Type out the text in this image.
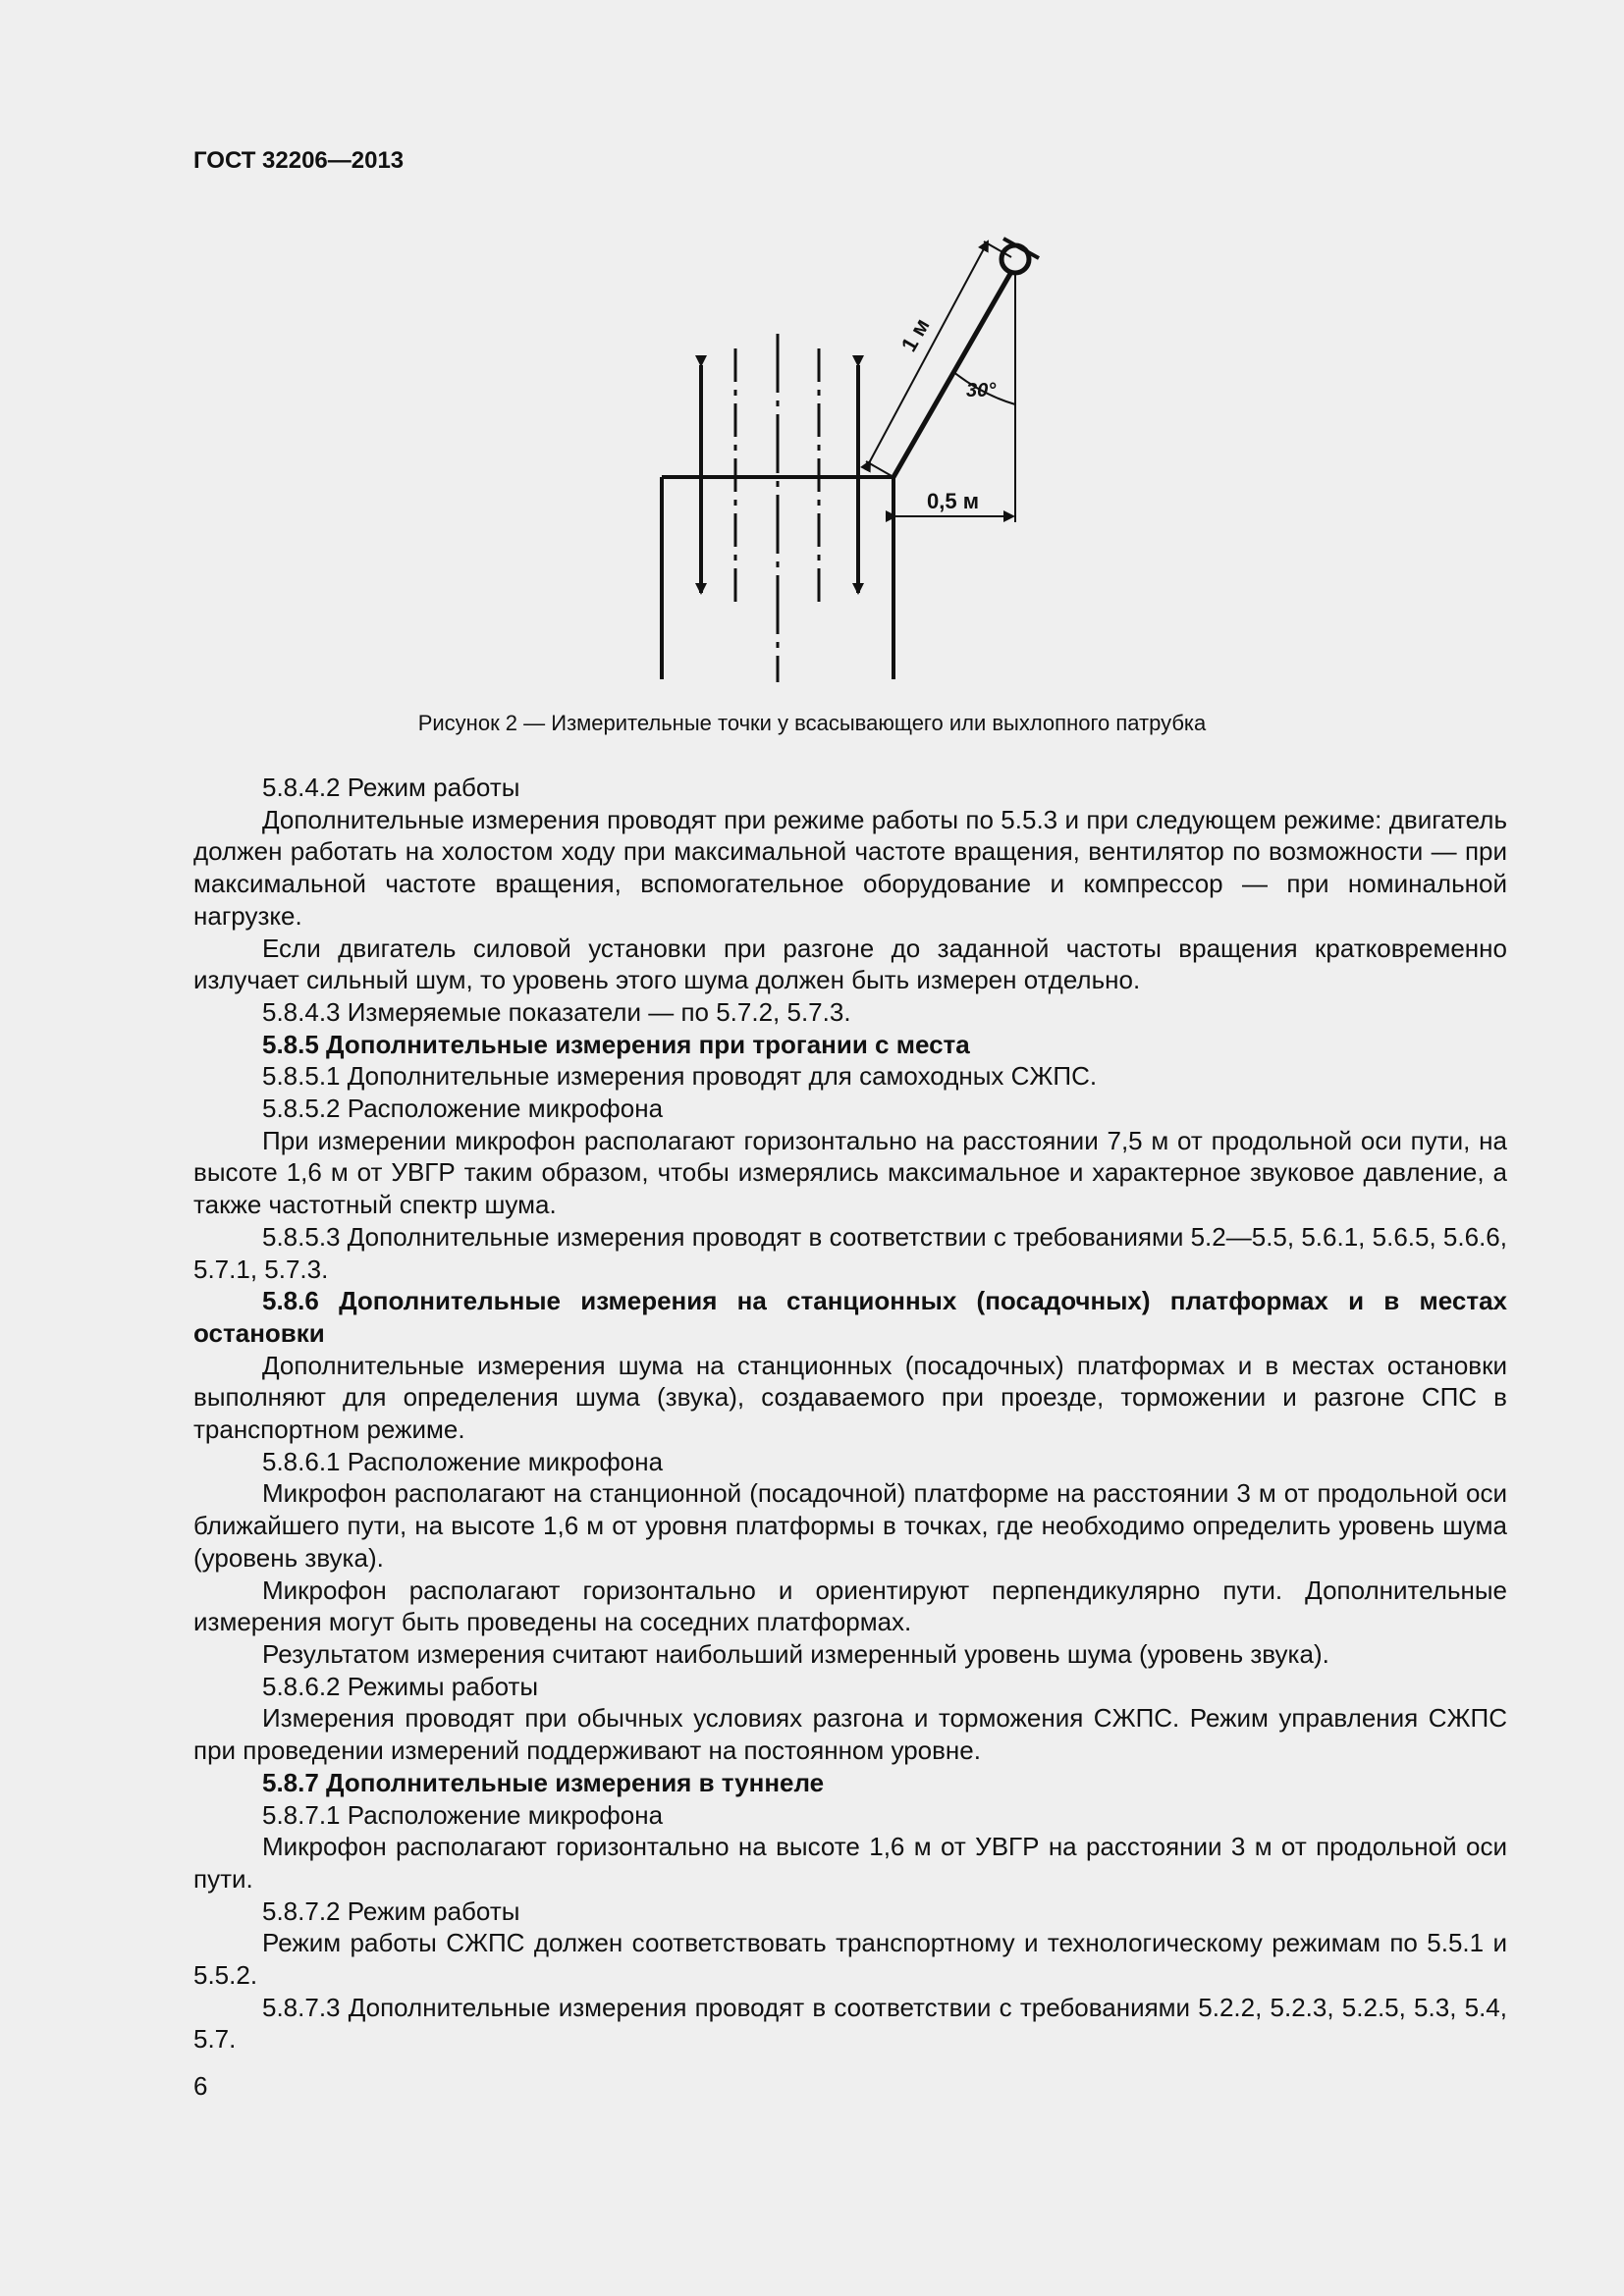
ГОСТ 32206—2013
1 м
30°
0,5 м
Рисунок 2 — Измерительные точки у всасывающего или выхлопного патрубка

5.8.4.2 Режим работы

Дополнительные измерения проводят при режиме работы по 5.5.3 и при следующем режиме: двигатель должен работать на холостом ходу при максимальной частоте вращения, вентилятор по возможности — при максимальной частоте вращения, вспомогательное оборудование и компрессор — при номинальной нагрузке.

Если двигатель силовой установки при разгоне до заданной частоты вращения кратковременно излучает сильный шум, то уровень этого шума должен быть измерен отдельно.

5.8.4.3 Измеряемые показатели — по 5.7.2, 5.7.3.

5.8.5 Дополнительные измерения при трогании с места

5.8.5.1 Дополнительные измерения проводят для самоходных СЖПС.

5.8.5.2 Расположение микрофона

При измерении микрофон располагают горизонтально на расстоянии 7,5 м от продольной оси пути, на высоте 1,6 м от УВГР таким образом, чтобы измерялись максимальное и характерное звуковое давление, а также частотный спектр шума.

5.8.5.3 Дополнительные измерения проводят в соответствии с требованиями 5.2—5.5, 5.6.1, 5.6.5, 5.6.6, 5.7.1, 5.7.3.

5.8.6 Дополнительные измерения на станционных (посадочных) платформах и в местах остановки

Дополнительные измерения шума на станционных (посадочных) платформах и в местах остановки выполняют для определения шума (звука), создаваемого при проезде, торможении и разгоне СПС в транспортном режиме.

5.8.6.1 Расположение микрофона

Микрофон располагают на станционной (посадочной) платформе на расстоянии 3 м от продольной оси ближайшего пути, на высоте 1,6 м от уровня платформы в точках, где необходимо определить уровень шума (уровень звука).

Микрофон располагают горизонтально и ориентируют перпендикулярно пути. Дополнительные измерения могут быть проведены на соседних платформах.

Результатом измерения считают наибольший измеренный уровень шума (уровень звука).

5.8.6.2 Режимы работы

Измерения проводят при обычных условиях разгона и торможения СЖПС. Режим управления СЖПС при проведении измерений поддерживают на постоянном уровне.

5.8.7 Дополнительные измерения в туннеле

5.8.7.1 Расположение микрофона

Микрофон располагают горизонтально на высоте 1,6 м от УВГР на расстоянии 3 м от продольной оси пути.

5.8.7.2 Режим работы

Режим работы СЖПС должен соответствовать транспортному и технологическому режимам по 5.5.1 и 5.5.2.

5.8.7.3 Дополнительные измерения проводят в соответствии с требованиями 5.2.2, 5.2.3, 5.2.5, 5.3, 5.4, 5.7.

6
